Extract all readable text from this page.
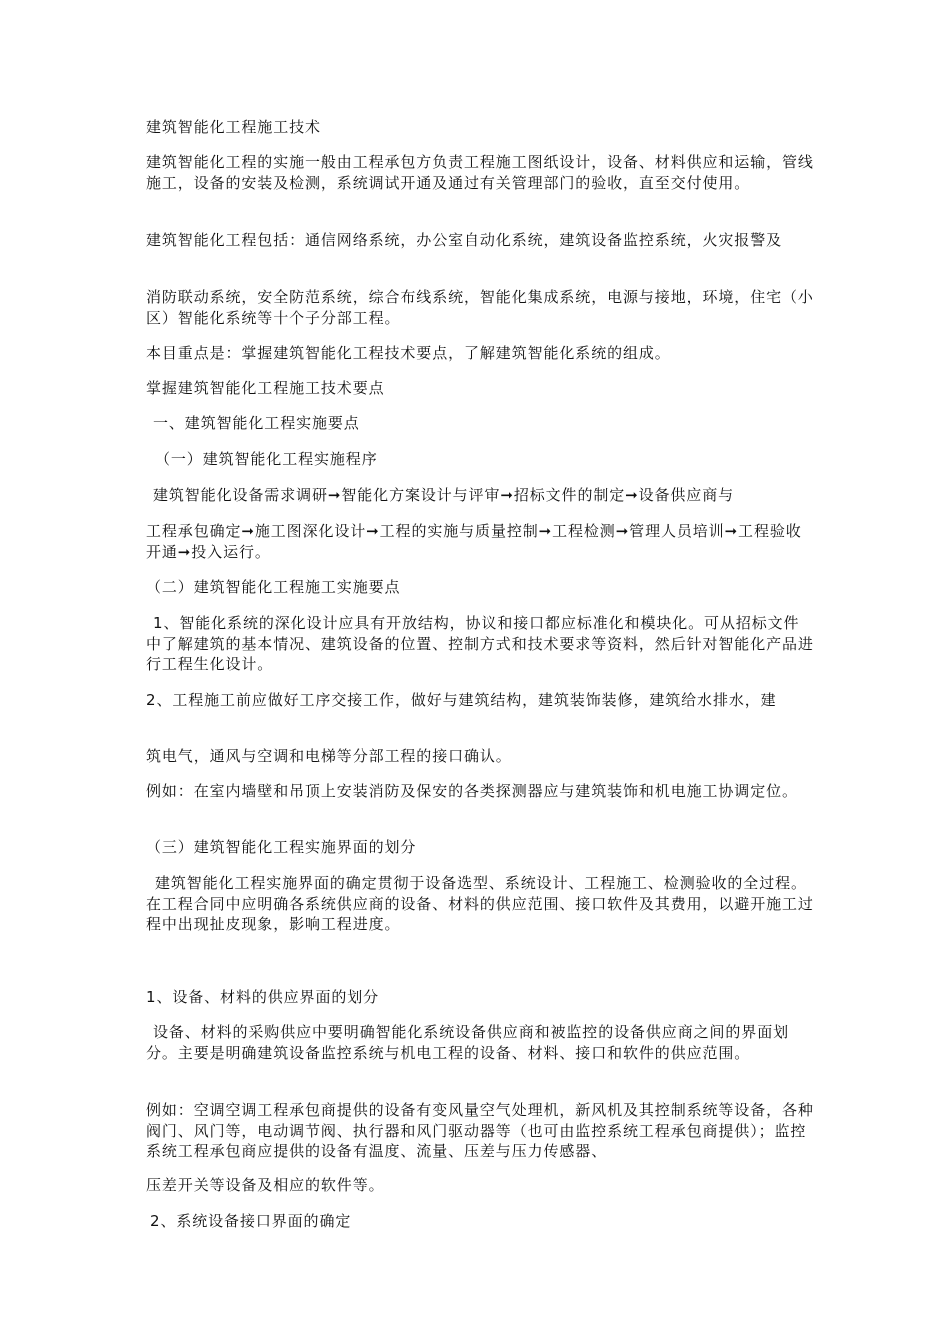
建筑智能化工程施工技术

建筑智能化工程的实施一般由工程承包方负责工程施工图纸设计，设备、材料供应和运输，管线施工，设备的安装及检测，系统调试开通及通过有关管理部门的验收，直至交付使用。

建筑智能化工程包括：通信网络系统，办公室自动化系统，建筑设备监控系统，火灾报警及

消防联动系统，安全防范系统，综合布线系统，智能化集成系统，电源与接地，环境，住宅（小区）智能化系统等十个子分部工程。

本目重点是：掌握建筑智能化工程技术要点，了解建筑智能化系统的组成。

掌握建筑智能化工程施工技术要点

一、建筑智能化工程实施要点

（一）建筑智能化工程实施程序

建筑智能化设备需求调研➞智能化方案设计与评审➞招标文件的制定➞设备供应商与

工程承包确定➞施工图深化设计➞工程的实施与质量控制➞工程检测➞管理人员培训➞工程验收开通➞投入运行。

（二）建筑智能化工程施工实施要点

1、智能化系统的深化设计应具有开放结构，协议和接口都应标准化和模块化。可从招标文件中了解建筑的基本情况、建筑设备的位置、控制方式和技术要求等资料，然后针对智能化产品进行工程生化设计。

2、工程施工前应做好工序交接工作，做好与建筑结构，建筑装饰装修，建筑给水排水，建

筑电气，通风与空调和电梯等分部工程的接口确认。

例如：在室内墙壁和吊顶上安装消防及保安的各类探测器应与建筑装饰和机电施工协调定位。

（三）建筑智能化工程实施界面的划分

建筑智能化工程实施界面的确定贯彻于设备选型、系统设计、工程施工、检测验收的全过程。在工程合同中应明确各系统供应商的设备、材料的供应范围、接口软件及其费用，以避开施工过程中出现扯皮现象，影响工程进度。

1、设备、材料的供应界面的划分

设备、材料的采购供应中要明确智能化系统设备供应商和被监控的设备供应商之间的界面划分。主要是明确建筑设备监控系统与机电工程的设备、材料、接口和软件的供应范围。

例如：空调空调工程承包商提供的设备有变风量空气处理机，新风机及其控制系统等设备，各种阀门、风门等，电动调节阀、执行器和风门驱动器等（也可由监控系统工程承包商提供）；监控系统工程承包商应提供的设备有温度、流量、压差与压力传感器、

压差开关等设备及相应的软件等。

2、系统设备接口界面的确定
